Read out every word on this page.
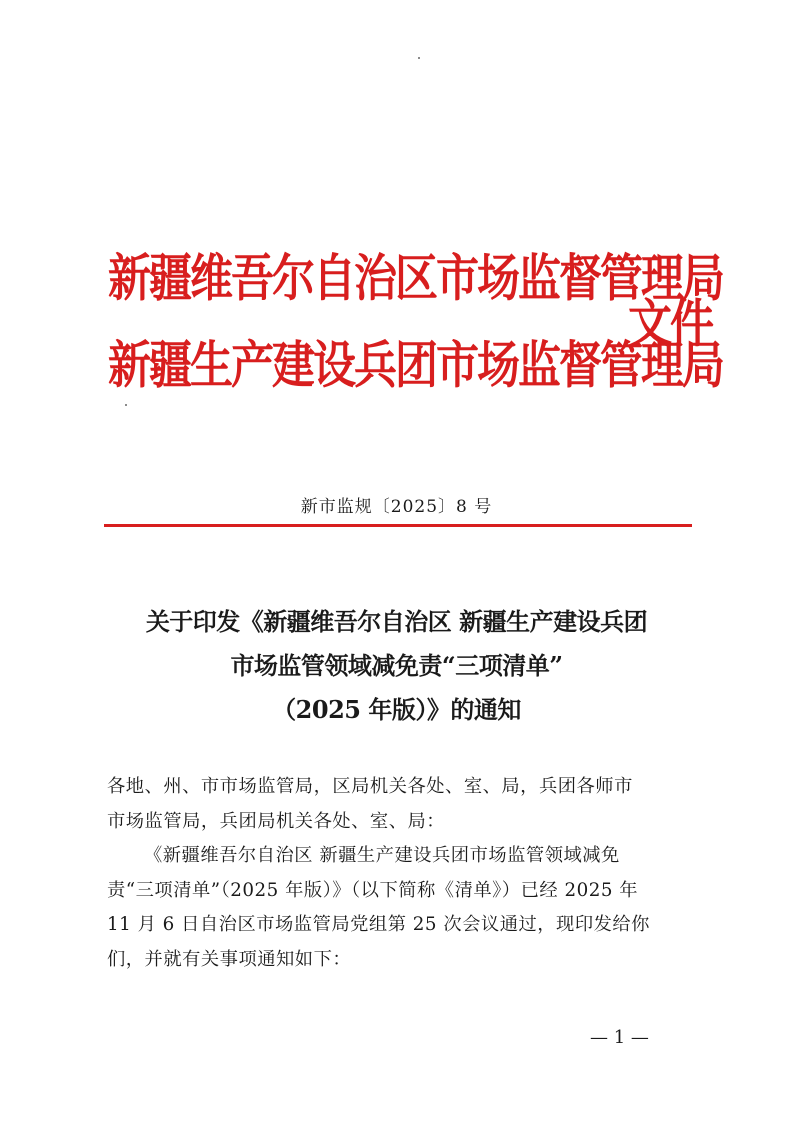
新疆维吾尔自治区市场监督管理局
新疆生产建设兵团市场监督管理局
文件
新市监规〔2025〕8 号
关于印发《新疆维吾尔自治区 新疆生产建设兵团
市场监管领域减免责“三项清单”
（2025 年版）》的通知
各地、州、市市场监管局，区局机关各处、室、局，兵团各师市
市场监管局，兵团局机关各处、室、局：
《新疆维吾尔自治区 新疆生产建设兵团市场监管领域减免
责“三项清单”（2025 年版）》（以下简称《清单》）已经 2025 年
11 月 6 日自治区市场监管局党组第 25 次会议通过，现印发给你
们，并就有关事项通知如下：
— 1 —
